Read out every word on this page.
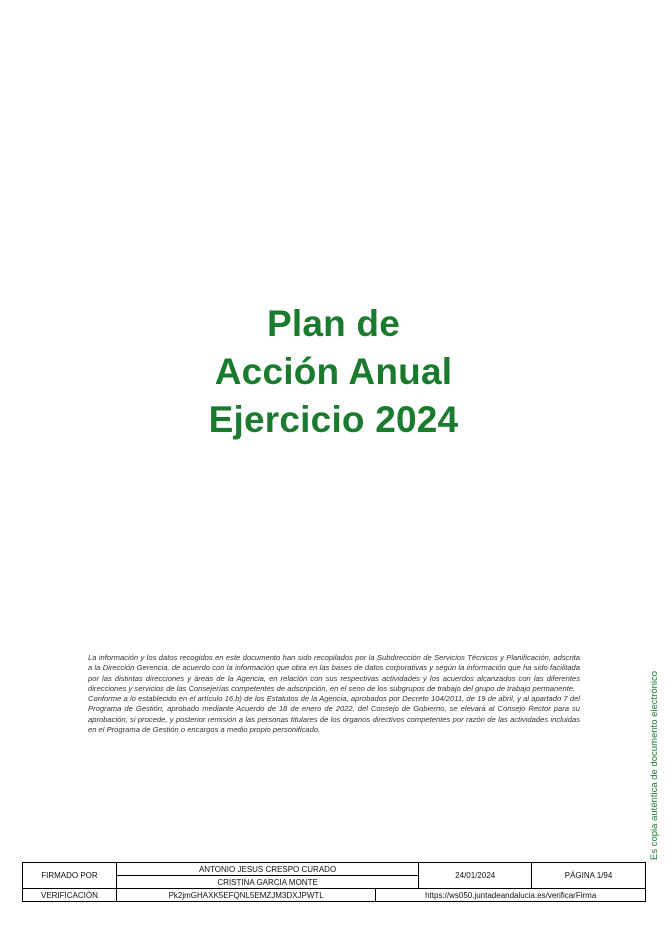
Plan de
Acción Anual
Ejercicio 2024

La información y los datos recogidos en este documento han sido recopilados por la Subdirección de Servicios Técnicos y Planificación, adscrita a la Dirección Gerencia, de acuerdo con la información que obra en las bases de datos corporativas y según la información que ha sido facilitada por las distintas direcciones y áreas de la Agencia, en relación con sus respectivas actividades y los acuerdos alcanzados con las diferentes direcciones y servicios de las Consejerías competentes de adscripción, en el seno de los subgrupos de trabajo del grupo de trabajo permanente.

Conforme a lo establecido en el artículo 16.b) de los Estatutos de la Agencia, aprobados por Decreto 104/2011, de 19 de abril, y al apartado 7 del Programa de Gestión, aprobado mediante Acuerdo de 18 de enero de 2022, del Consejo de Gobierno, se elevará al Consejo Rector para su aprobación, si procede, y posterior remisión a las personas titulares de los órganos directivos competentes por razón de las actividades incluidas en el Programa de Gestión o encargos a medio propio personificado.	Es copia auténtica de documento electrónico
FIRMADO POR	ANTONIO JESUS CRESPO CURADO		24/01/2024	PÁGINA 1/94
	CRISTINA GARCIA MONTE			
VERIFICACIÓN	Pk2jmGHAXK5EFQNL5EMZJM3DXJPWTL	https://ws050.juntadeandalucia.es/verificarFirma		
